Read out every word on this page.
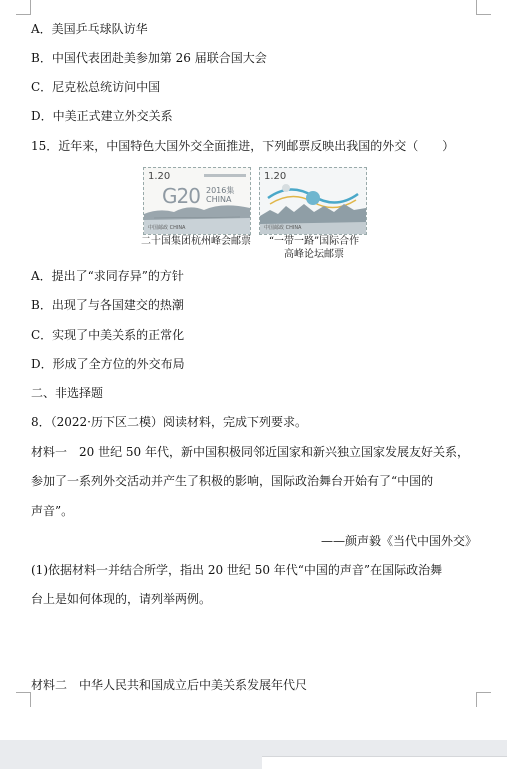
A．美国乒乓球队访华
B．中国代表团赴美参加第 26 届联合国大会
C．尼克松总统访问中国
D．中美正式建立外交关系
15．近年来，中国特色大国外交全面推进，下列邮票反映出我国的外交（　　）
1.20
G20 2016集
CHINA
中国邮政 CHINA
1.20
中国邮政 CHINA
二十国集团杭州峰会邮票	“一带一路”国际合作
高峰论坛邮票
A．提出了“求同存异”的方针
B．出现了与各国建交的热潮
C．实现了中美关系的正常化
D．形成了全方位的外交布局
二、非选择题
8．（2022·历下区二模）阅读材料，完成下列要求。
材料一　20 世纪 50 年代，新中国积极同邻近国家和新兴独立国家发展友好关系，
参加了一系列外交活动并产生了积极的影响，国际政治舞台开始有了“中国的
声音”。
——颜声毅《当代中国外交》
(1)依据材料一并结合所学，指出 20 世纪 50 年代“中国的声音”在国际政治舞
台上是如何体现的，请列举两例。
材料二　中华人民共和国成立后中美关系发展年代尺
